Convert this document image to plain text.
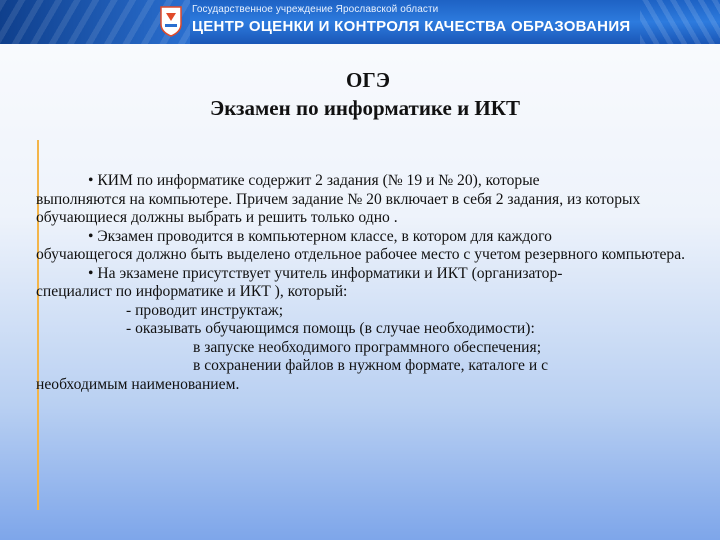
Государственное учреждение Ярославской области
ЦЕНТР ОЦЕНКИ И КОНТРОЛЯ КАЧЕСТВА ОБРАЗОВАНИЯ
ОГЭ
Экзамен по информатике и ИКТ

• КИМ по информатике содержит 2 задания (№ 19 и № 20), которые
выполняются на компьютере. Причем задание № 20 включает в себя 2 задания, из которых обучающиеся должны выбрать и решить только одно .

• Экзамен проводится в компьютерном классе, в котором для каждого
обучающегося должно быть выделено отдельное рабочее место с учетом резервного компьютера.

• На экзамене присутствует учитель информатики и ИКТ (организатор-
специалист по информатике и ИКТ ), который:

- проводит инструктаж;

- оказывать обучающимся помощь (в случае необходимости):

в запуске необходимого программного обеспечения;

в сохранении файлов в нужном формате, каталоге и с
необходимым наименованием.
